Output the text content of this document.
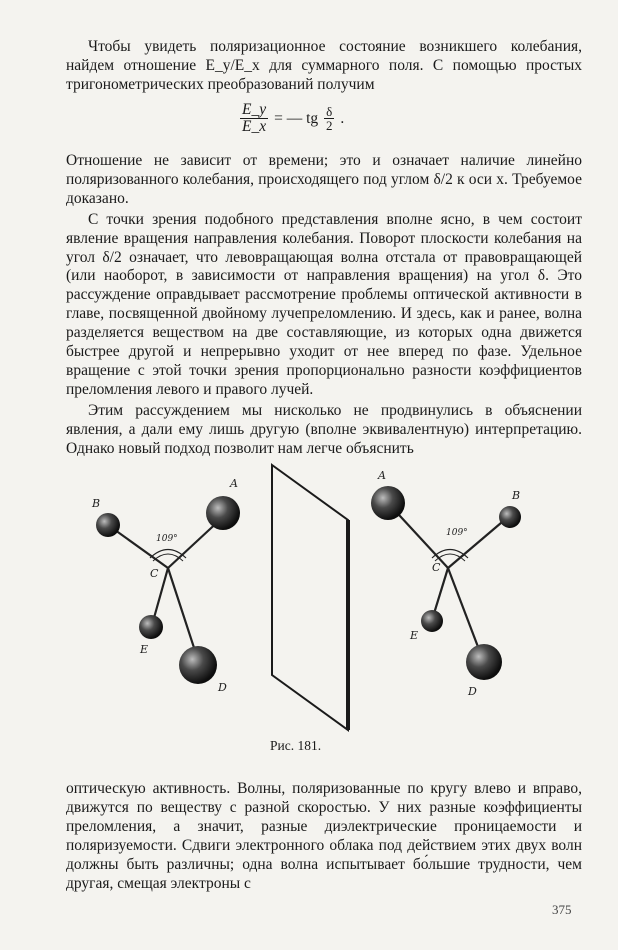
Чтобы увидеть поляризационное состояние возникшего колебания, найдем отношение E_y/E_x для суммарного поля. С помощью простых тригонометрических преобразований получим

$\frac{E\_y}{E\_x}$ = — tg $\frac{\delta}{2}$ .

Отношение не зависит от времени; это и означает наличие линейно поляризованного колебания, происходящего под углом δ/2 к оси x. Требуемое доказано.

С точки зрения подобного представления вполне ясно, в чем состоит явление вращения направления колебания. Поворот плоскости колебания на угол δ/2 означает, что левовращающая волна отстала от правовращающей (или наоборот, в зависимости от направления вращения) на угол δ. Это рассуждение оправдывает рассмотрение проблемы оптической активности в главе, посвященной двойному лучепреломлению. И здесь, как и ранее, волна разделяется веществом на две составляющие, из которых одна движется быстрее другой и непрерывно уходит от нее вперед по фазе. Удельное вращение с этой точки зрения пропорционально разности коэффициентов преломления левого и правого лучей.

Этим рассуждением мы нисколько не продвинулись в объяснении явления, а дали ему лишь другую (вполне эквивалентную) интерпретацию. Однако новый подход позволит нам легче объяснить

B
A
E
D
109°
C
A
B
E
D
109°
C
Рис. 181.

оптическую активность. Волны, поляризованные по кругу влево и вправо, движутся по веществу с разной скоростью. У них разные коэффициенты преломления, а значит, разные диэлектрические проницаемости и поляризуемости. Сдвиги электронного облака под действием этих двух волн должны быть различны; одна волна испытывает бо́льшие трудности, чем другая, смещая электроны с

375
